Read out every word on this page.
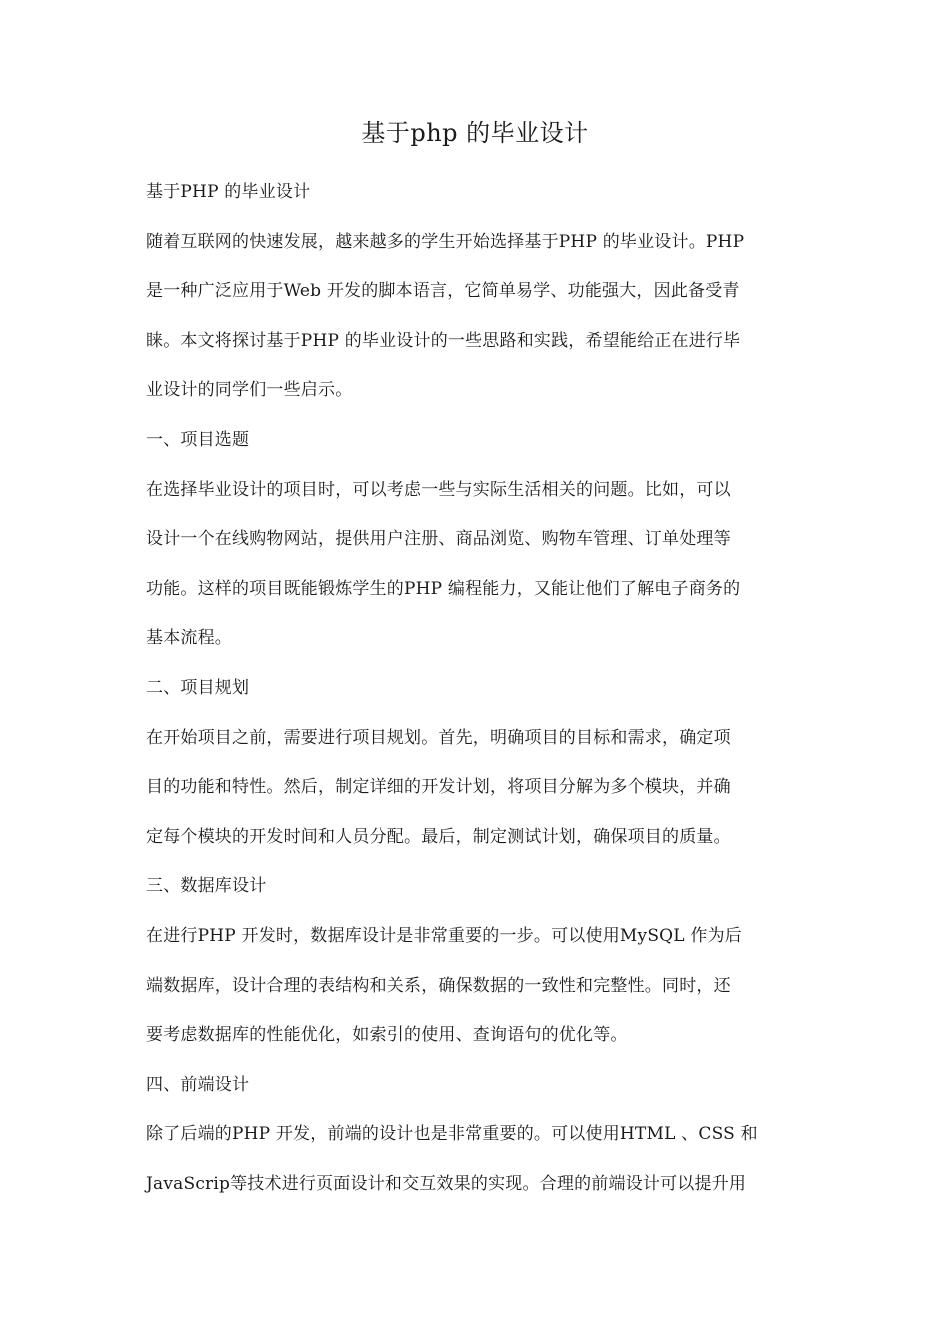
基于php 的毕业设计
基于PHP 的毕业设计
随着互联网的快速发展，越来越多的学生开始选择基于PHP 的毕业设计。PHP
是一种广泛应用于Web 开发的脚本语言，它简单易学、功能强大，因此备受青
睐。本文将探讨基于PHP 的毕业设计的一些思路和实践，希望能给正在进行毕
业设计的同学们一些启示。
一、项目选题
在选择毕业设计的项目时，可以考虑一些与实际生活相关的问题。比如，可以
设计一个在线购物网站，提供用户注册、商品浏览、购物车管理、订单处理等
功能。这样的项目既能锻炼学生的PHP 编程能力，又能让他们了解电子商务的
基本流程。
二、项目规划
在开始项目之前，需要进行项目规划。首先，明确项目的目标和需求，确定项
目的功能和特性。然后，制定详细的开发计划，将项目分解为多个模块，并确
定每个模块的开发时间和人员分配。最后，制定测试计划，确保项目的质量。
三、数据库设计
在进行PHP 开发时，数据库设计是非常重要的一步。可以使用MySQL 作为后
端数据库，设计合理的表结构和关系，确保数据的一致性和完整性。同时，还
要考虑数据库的性能优化，如索引的使用、查询语句的优化等。
四、前端设计
除了后端的PHP 开发，前端的设计也是非常重要的。可以使用HTML 、CSS 和
JavaScrip等技术进行页面设计和交互效果的实现。合理的前端设计可以提升用
